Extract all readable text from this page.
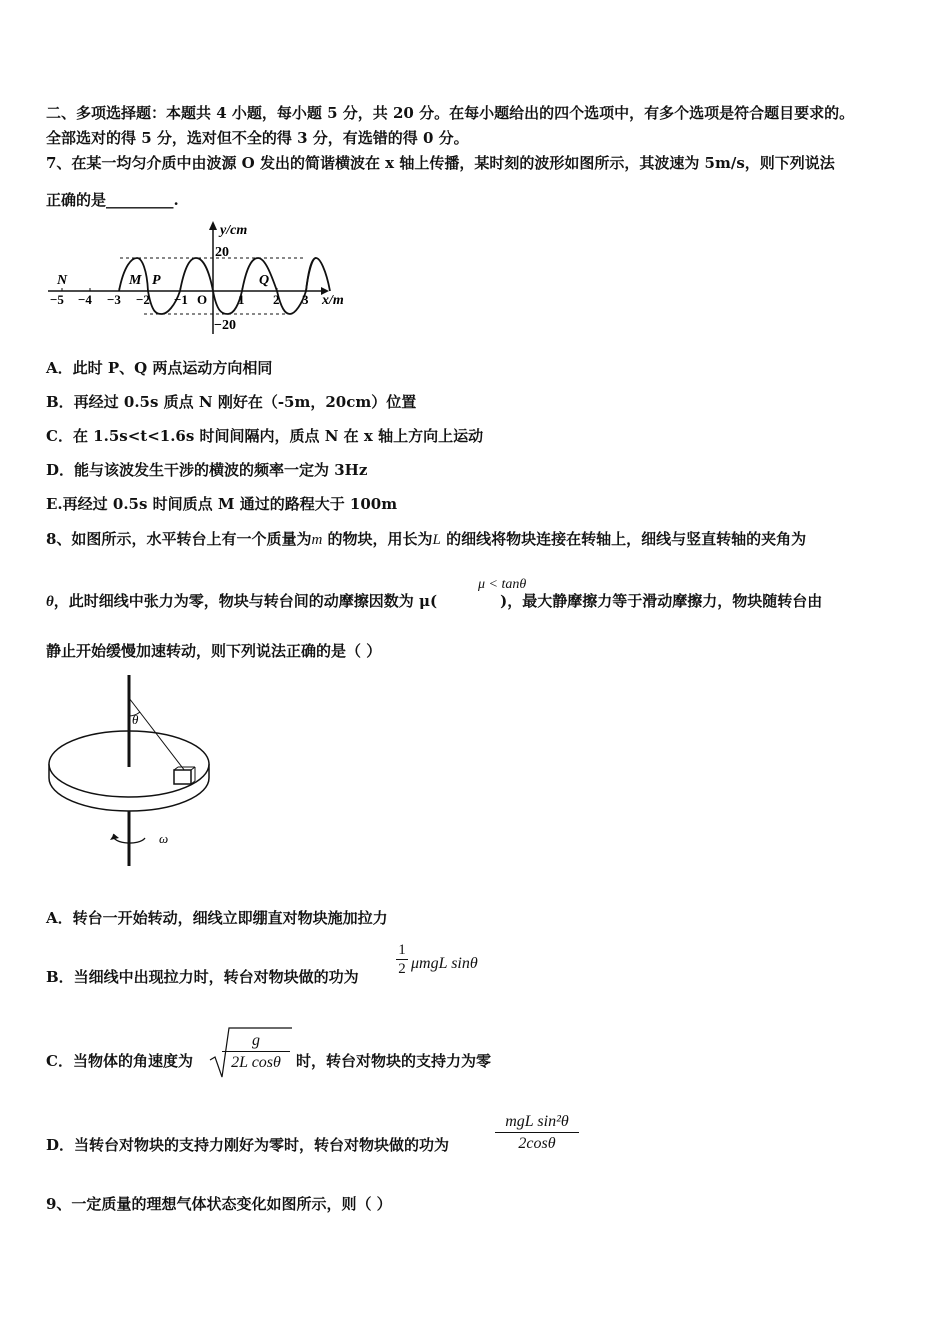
二、多项选择题：本题共 4 小题，每小题 5 分，共 20 分。在每小题给出的四个选项中，有多个选项是符合题目要求的。
全部选对的得 5 分，选对但不全的得 3 分，有选错的得 0 分。
7、在某一均匀介质中由波源 O 发出的简谐横波在 x 轴上传播，某时刻的波形如图所示，其波速为 5m/s，则下列说法
正确的是_________.
y/cm
20
−20
x/m
−5 −4 −3 −2 −1 O 1 2 3
N	M P	Q
A．此时 P、Q 两点运动方向相同
B．再经过 0.5s 质点 N 刚好在（-5m，20cm）位置
C．在 1.5s<t<1.6s 时间间隔内，质点 N 在 x 轴上方向上运动
D．能与该波发生干涉的横波的频率一定为 3Hz
E.再经过 0.5s 时间质点 M 通过的路程大于 100m
8、如图所示，水平转台上有一个质量为m 的物块，用长为L 的细线将物块连接在转轴上，细线与竖直转轴的夹角为
θ，此时细线中张力为零，物块与转台间的动摩擦因数为 μ(	)，最大静摩擦力等于滑动摩擦力，物块随转台由
μ < tanθ
静止开始缓慢加速转动，则下列说法正确的是（ ）
θ
ω
A．转台一开始转动，细线立即绷直对物块施加拉力
B．当细线中出现拉力时，转台对物块做的功为 $\frac{1}{2}$ μmgL sinθ
C．当物体的角速度为 $\frac{g}{\text{2L cosθ}}$ 时，转台对物块的支持力为零
D．当转台对物块的支持力刚好为零时，转台对物块做的功为
mgL sin²θ
2cosθ
9、一定质量的理想气体状态变化如图所示，则（ ）
